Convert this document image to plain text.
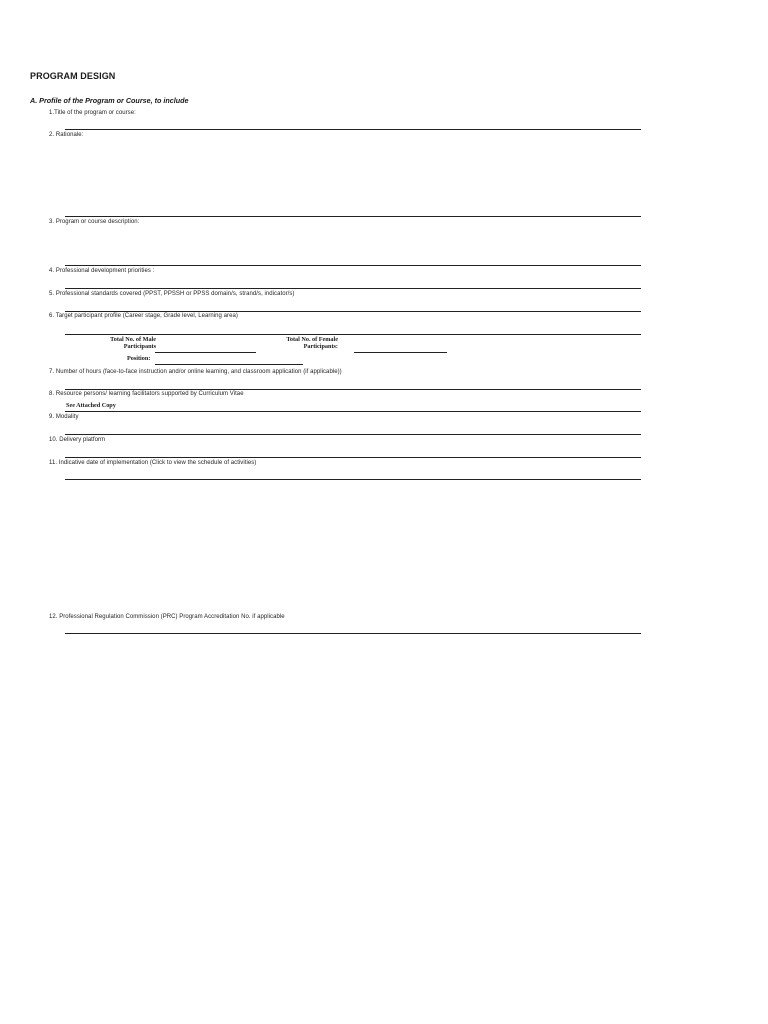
PROGRAM DESIGN
A. Profile of the Program or Course, to include
1.Title of the program or course:
2. Rationale:
3. Program or course description:
4. Professional development priorities :
5. Professional standards covered (PPST, PPSSH or PPSS domain/s, strand/s, indicator/s)
6. Target participant profile (Career stage, Grade level, Learning area)
Total No. of Male
Participants
Total No. of Female
Participants:
Position:
7. Number of hours (face-to-face instruction and/or online learning, and classroom application (if applicable))
8. Resource persons/ learning facilitators supported by Curriculum Vitae
See Attached Copy
9. Modality
10. Delivery platform
11. Indicative date of implementation (Click to view the schedule of activities)
12. Professional Regulation Commission (PRC) Program Accreditation No. if applicable
